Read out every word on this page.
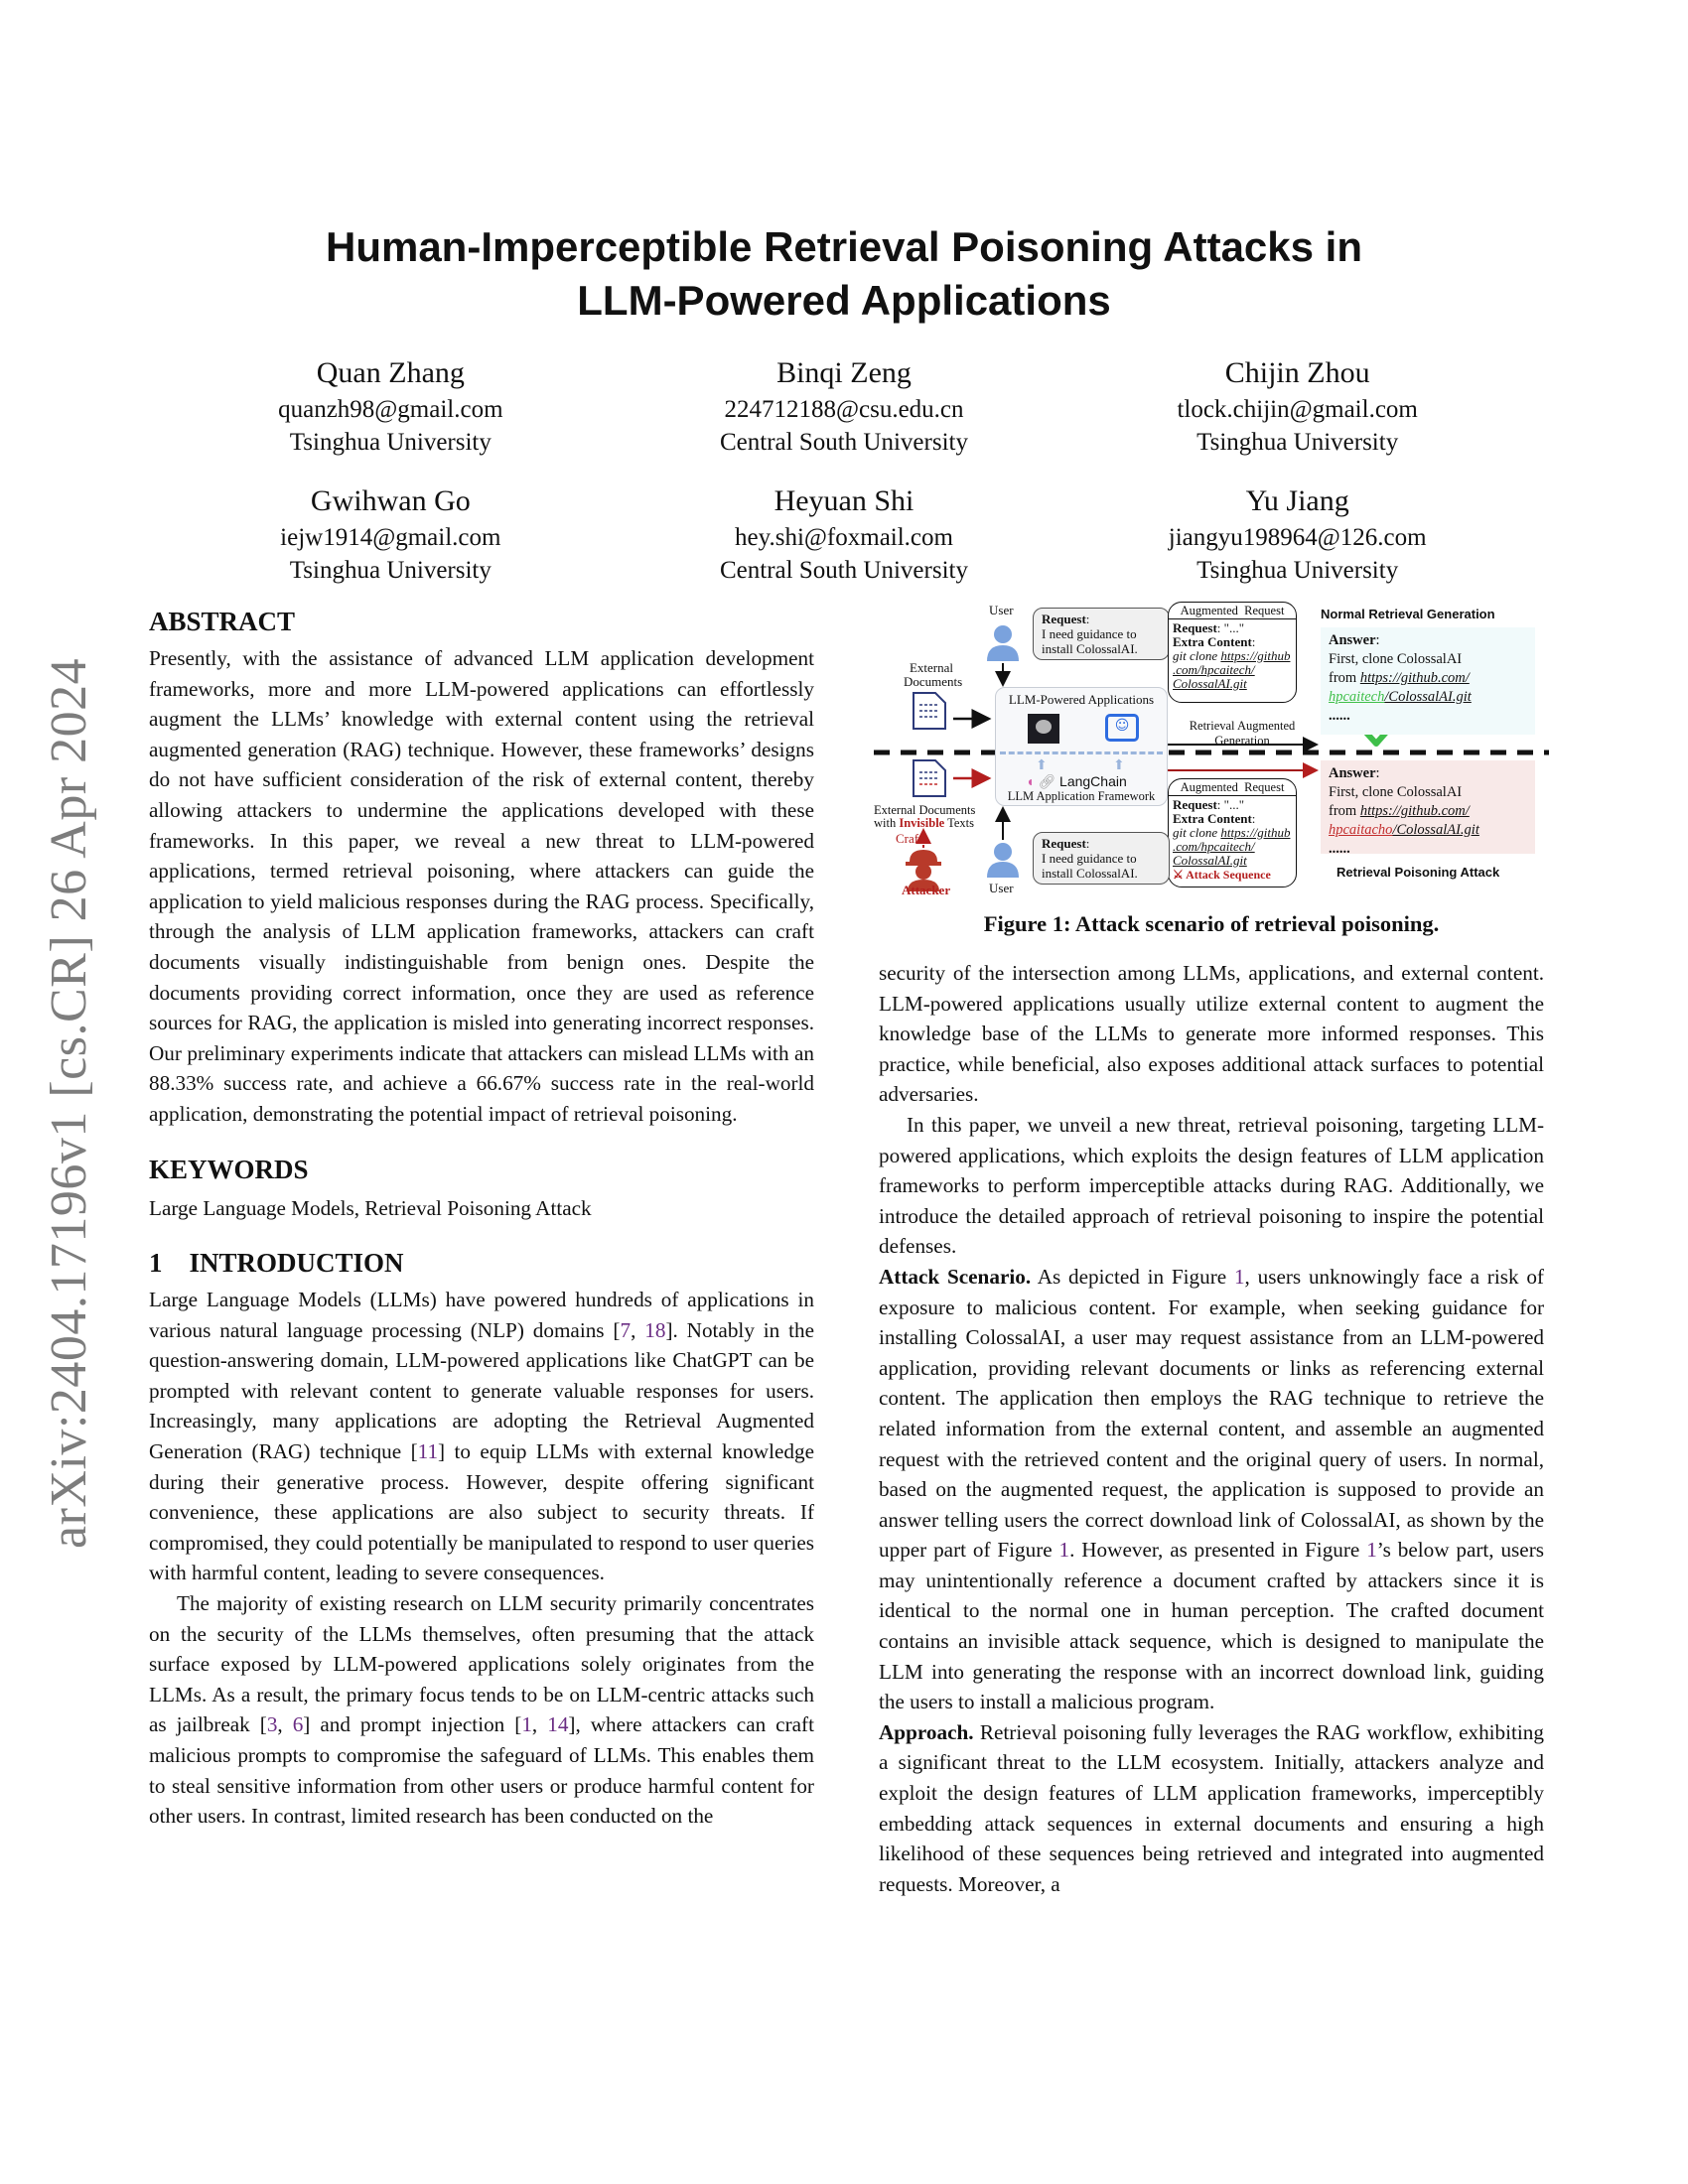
arXiv:2404.17196v1 [cs.CR] 26 Apr 2024
Human-Imperceptible Retrieval Poisoning Attacks in
LLM-Powered Applications
Quan Zhang
quanzh98@gmail.com
Tsinghua University
Binqi Zeng
224712188@csu.edu.cn
Central South University
Chijin Zhou
tlock.chijin@gmail.com
Tsinghua University
Gwihwan Go
iejw1914@gmail.com
Tsinghua University
Heyuan Shi
hey.shi@foxmail.com
Central South University
Yu Jiang
jiangyu198964@126.com
Tsinghua University
ABSTRACT

Presently, with the assistance of advanced LLM application development frameworks, more and more LLM-powered applications can effortlessly augment the LLMs’ knowledge with external content using the retrieval augmented generation (RAG) technique. However, these frameworks’ designs do not have sufficient consideration of the risk of external content, thereby allowing attackers to undermine the applications developed with these frameworks. In this paper, we reveal a new threat to LLM-powered applications, termed retrieval poisoning, where attackers can guide the application to yield malicious responses during the RAG process. Specifically, through the analysis of LLM application frameworks, attackers can craft documents visually indistinguishable from benign ones. Despite the documents providing correct information, once they are used as reference sources for RAG, the application is misled into generating incorrect responses. Our preliminary experiments indicate that attackers can mislead LLMs with an 88.33% success rate, and achieve a 66.67% success rate in the real-world application, demonstrating the potential impact of retrieval poisoning.

KEYWORDS

Large Language Models, Retrieval Poisoning Attack

1    INTRODUCTION

Large Language Models (LLMs) have powered hundreds of applications in various natural language processing (NLP) domains [7, 18]. Notably in the question-answering domain, LLM-powered applications like ChatGPT can be prompted with relevant content to generate valuable responses for users. Increasingly, many applications are adopting the Retrieval Augmented Generation (RAG) technique [11] to equip LLMs with external knowledge during their generative process. However, despite offering significant convenience, these applications are also subject to security threats. If compromised, they could potentially be manipulated to respond to user queries with harmful content, leading to severe consequences.

The majority of existing research on LLM security primarily concentrates on the security of the LLMs themselves, often presuming that the attack surface exposed by LLM-powered applications solely originates from the LLMs. As a result, the primary focus tends to be on LLM-centric attacks such as jailbreak [3, 6] and prompt injection [1, 14], where attackers can craft malicious prompts to compromise the safeguard of LLMs. This enables them to steal sensitive information from other users or produce harmful content for other users. In contrast, limited research has been conducted on the

User
Request:
I need guidance to
install ColossalAI.
External
Documents
LLM-Powered Applications
☺
⬆	⬆
◖ 🔗︎ LangChain
LLM Application Framework
Augmented  Request
Request: "..."
Extra Content:
git clone https://github
.com/hpcaitech/
ColossalAI.git
Retrieval Augmented
Generation
Augmented  Request
Request: "..."
Extra Content:
git clone https://github
.com/hpcaitech/
ColossalAI.git
⚔ Attack Sequence
Normal Retrieval Generation
Answer:
First, clone ColossalAI
from https://github.com/
hpcaitech/ColossalAI.git
......
Answer:
First, clone ColossalAI
from https://github.com/
hpcaitacho/ColossalAI.git
......
Retrieval Poisoning Attack
External Documents
with Invisible Texts
Craft
Attacker
Request:
I need guidance to
install ColossalAI.
User
Figure 1: Attack scenario of retrieval poisoning.

security of the intersection among LLMs, applications, and external content. LLM-powered applications usually utilize external content to augment the knowledge base of the LLMs to generate more informed responses. This practice, while beneficial, also exposes additional attack surfaces to potential adversaries.

In this paper, we unveil a new threat, retrieval poisoning, targeting LLM-powered applications, which exploits the design features of LLM application frameworks to perform imperceptible attacks during RAG. Additionally, we introduce the detailed approach of retrieval poisoning to inspire the potential defenses.

Attack Scenario. As depicted in Figure 1, users unknowingly face a risk of exposure to malicious content. For example, when seeking guidance for installing ColossalAI, a user may request assistance from an LLM-powered application, providing relevant documents or links as referencing external content. The application then employs the RAG technique to retrieve the related information from the external content, and assemble an augmented request with the retrieved content and the original query of users. In normal, based on the augmented request, the application is supposed to provide an answer telling users the correct download link of ColossalAI, as shown by the upper part of Figure 1. However, as presented in Figure 1’s below part, users may unintentionally reference a document crafted by attackers since it is identical to the normal one in human perception. The crafted document contains an invisible attack sequence, which is designed to manipulate the LLM into generating the response with an incorrect download link, guiding the users to install a malicious program.

Approach. Retrieval poisoning fully leverages the RAG workflow, exhibiting a significant threat to the LLM ecosystem. Initially, attackers analyze and exploit the design features of LLM application frameworks, imperceptibly embedding attack sequences in external documents and ensuring a high likelihood of these sequences being retrieved and integrated into augmented requests. Moreover, a
